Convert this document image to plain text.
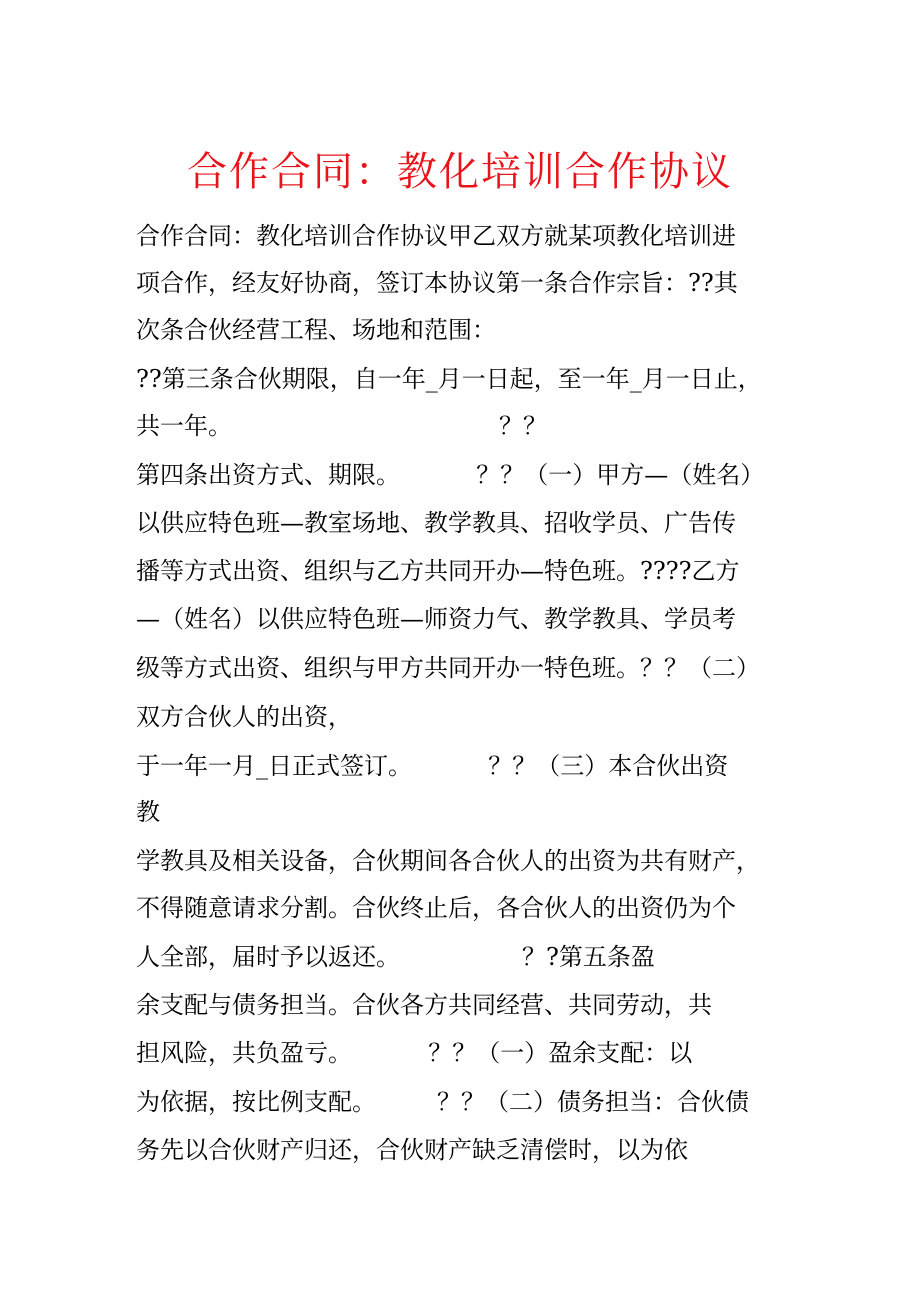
合作合同：教化培训合作协议
合作合同：教化培训合作协议甲乙双方就某项教化培训进
项合作，经友好协商，签订本协议第一条合作宗旨：??其
次条合伙经营工程、场地和范围：
??第三条合伙期限，自一年_月一日起，至一年_月一日止，
共一年。                                   ？？
第四条出资方式、期限。          ？？（一）甲方—（姓名）
以供应特色班—教室场地、教学教具、招收学员、广告传
播等方式出资、组织与乙方共同开办—特色班。????乙方
—（姓名）以供应特色班—师资力气、教学教具、学员考
级等方式出资、组织与甲方共同开办一特色班。？？（二）
双方合伙人的出资，
于一年一月_日正式签订。          ？？（三）本合伙出资
教
学教具及相关设备，合伙期间各合伙人的出资为共有财产，
不得随意请求分割。合伙终止后，各合伙人的出资仍为个
人全部，届时予以返还。                ？?第五条盈
余支配与债务担当。合伙各方共同经营、共同劳动，共
担风险，共负盈亏。          ？？（一）盈余支配：以
为依据，按比例支配。        ？？（二）债务担当：合伙债
务先以合伙财产归还，合伙财产缺乏清偿时，以为依
